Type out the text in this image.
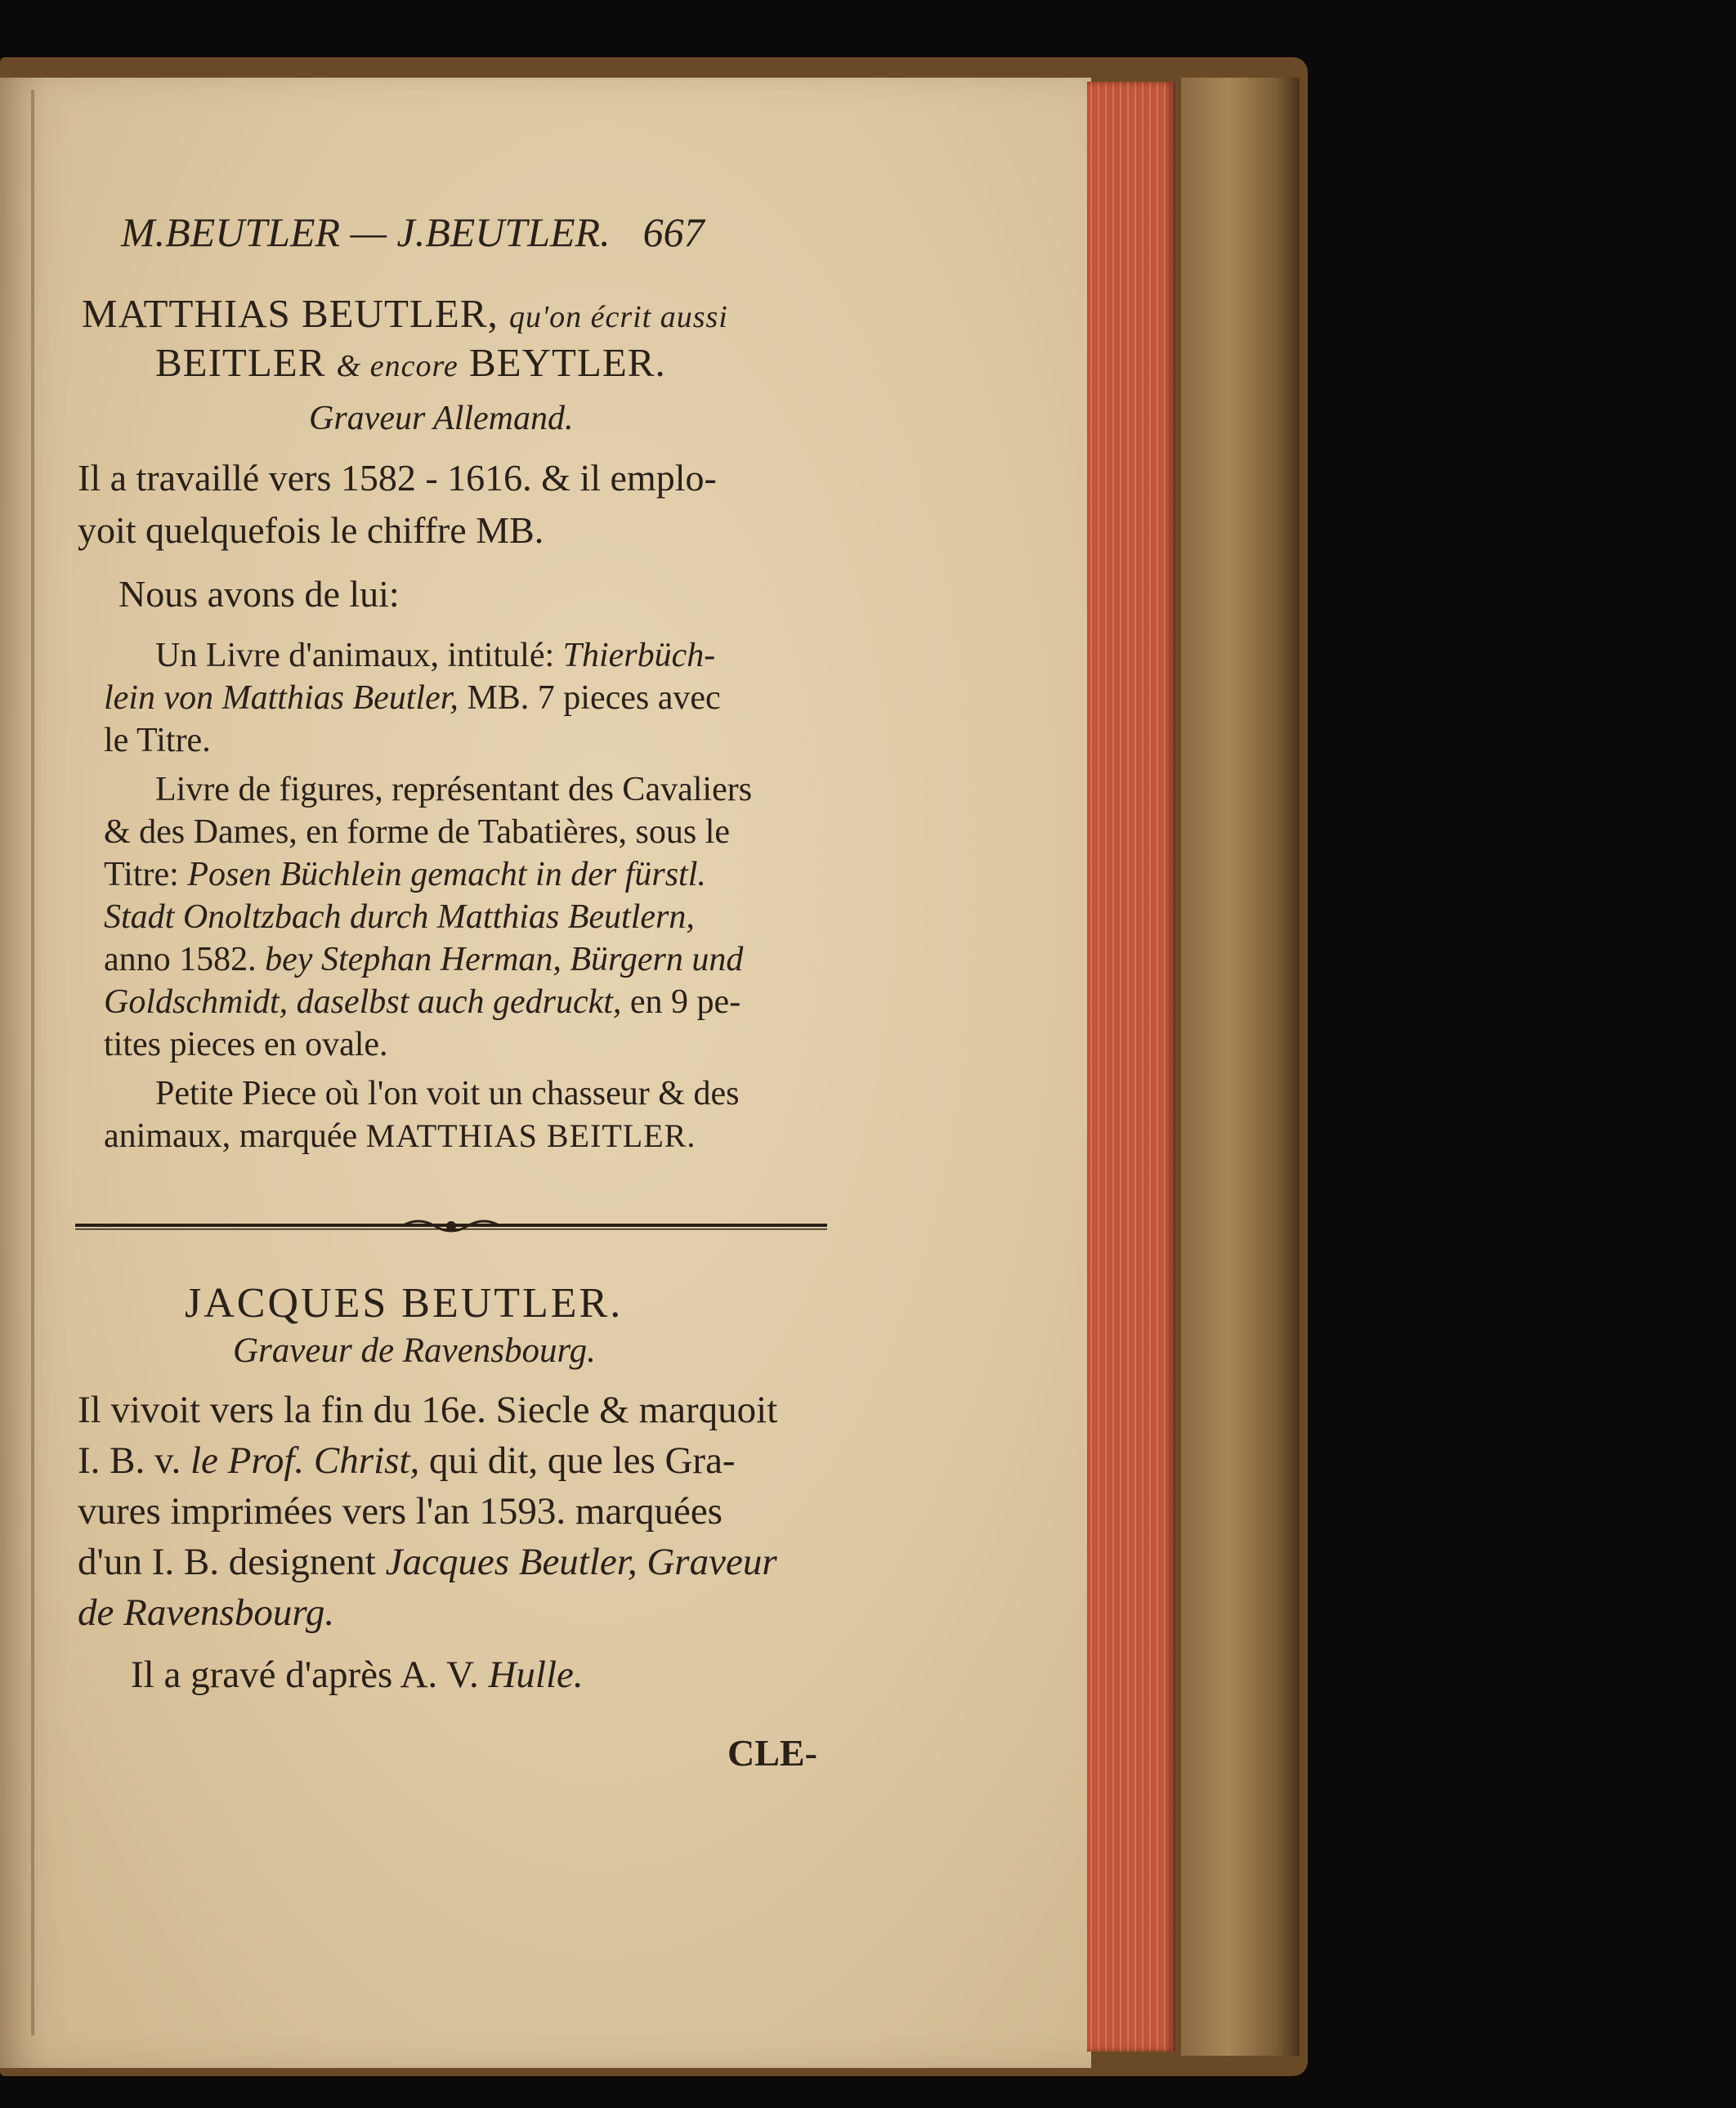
M.BEUTLER — J.BEUTLER. 667
MATTHIAS BEUTLER, qu'on écrit aussi
BEITLER & encore BEYTLER.
Graveur Allemand.
Il a travaillé vers 1582 - 1616. & il emplo-
yoit quelquefois le chiffre MB.
Nous avons de lui:
Un Livre d'animaux, intitulé: Thierbüch-
lein von Matthias Beutler, MB. 7 pieces avec
le Titre.
Livre de figures, représentant des Cavaliers
& des Dames, en forme de Tabatières, sous le
Titre: Posen Büchlein gemacht in der fürstl.
Stadt Onoltzbach durch Matthias Beutlern,
anno 1582. bey Stephan Herman, Bürgern und
Goldschmidt, daselbst auch gedruckt, en 9 pe-
tites pieces en ovale.
Petite Piece où l'on voit un chasseur & des
animaux, marquée MATTHIAS BEITLER.
JACQUES BEUTLER.
Graveur de Ravensbourg.
Il vivoit vers la fin du 16e. Siecle & marquoit
I. B. v. le Prof. Christ, qui dit, que les Gra-
vures imprimées vers l'an 1593. marquées
d'un I. B. designent Jacques Beutler, Graveur
de Ravensbourg.
Il a gravé d'après A. V. Hulle.
CLE-
